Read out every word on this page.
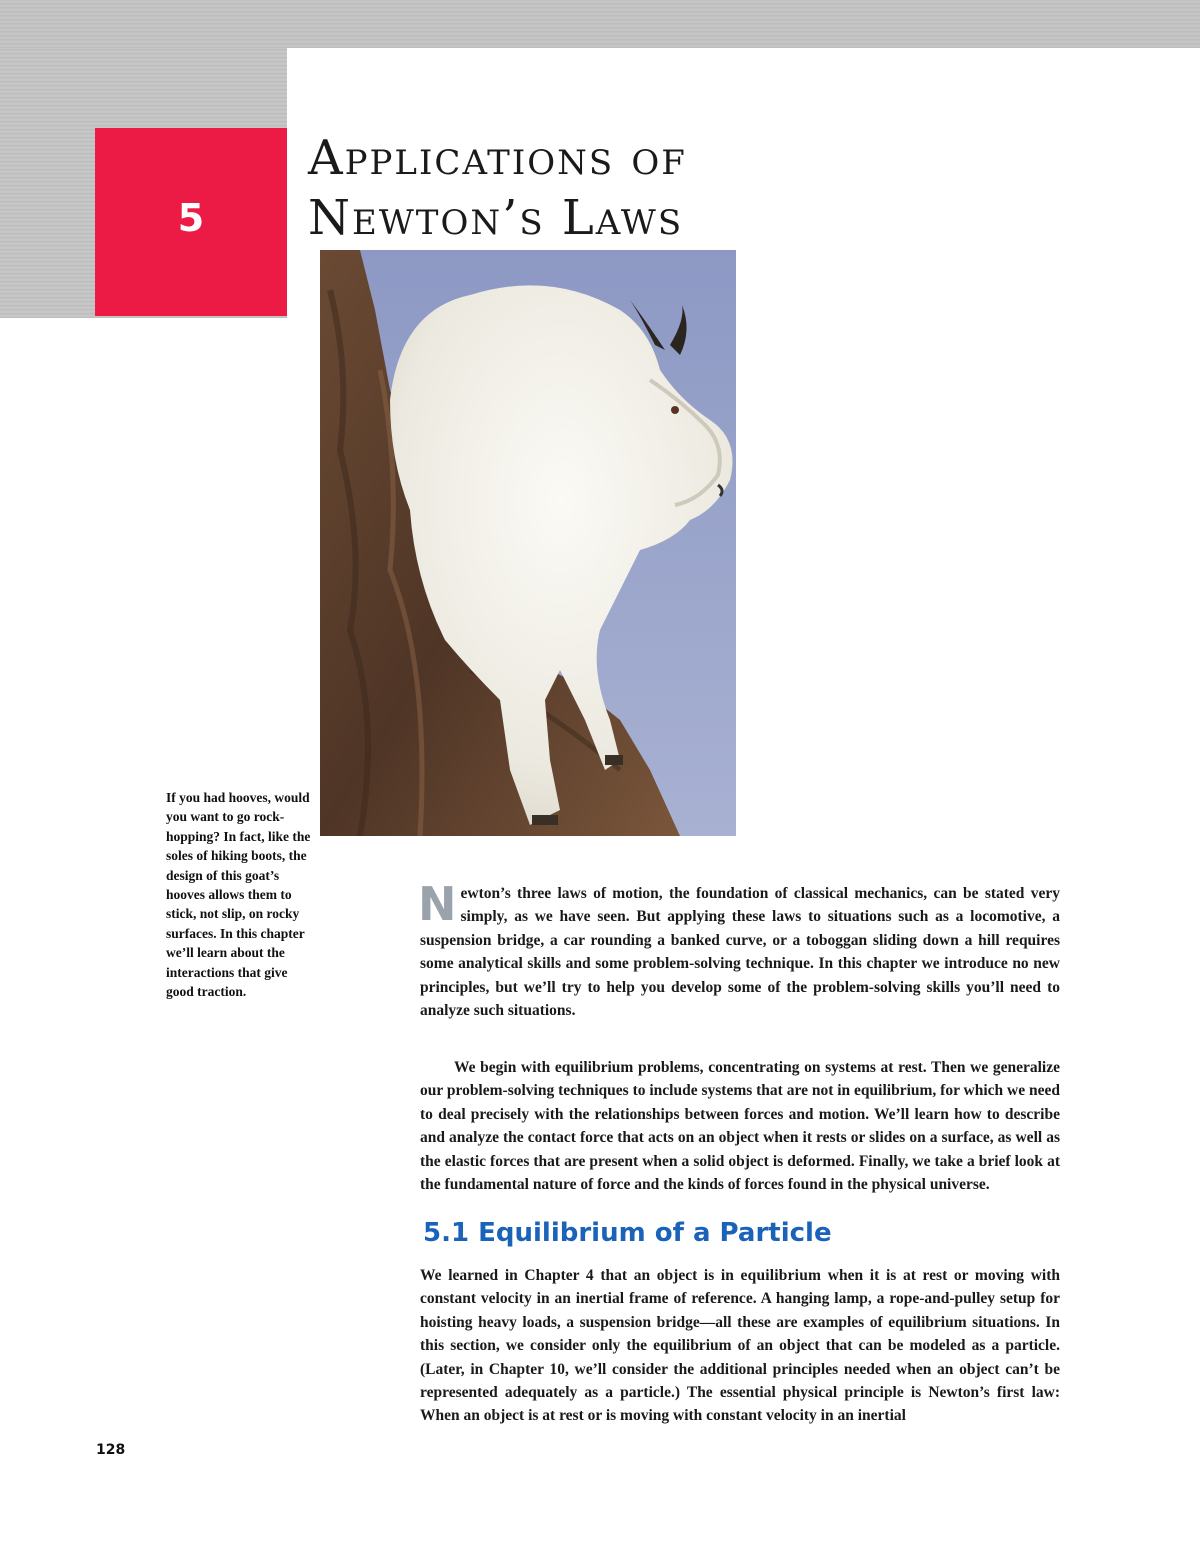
5
Applications of
Newton’s Laws
If you had hooves, would you want to go rock-hopping? In fact, like the soles of hiking boots, the design of this goat’s hooves allows them to stick, not slip, on rocky surfaces. In this chapter we’ll learn about the interactions that give good traction.
Newton’s three laws of motion, the foundation of classical mechanics, can be stated very simply, as we have seen. But applying these laws to situations such as a locomotive, a suspension bridge, a car rounding a banked curve, or a toboggan sliding down a hill requires some analytical skills and some problem-solving technique. In this chapter we introduce no new principles, but we’ll try to help you develop some of the problem-solving skills you’ll need to analyze such situations.
We begin with equilibrium problems, concentrating on systems at rest. Then we generalize our problem-solving techniques to include systems that are not in equilibrium, for which we need to deal precisely with the relationships between forces and motion. We’ll learn how to describe and analyze the contact force that acts on an object when it rests or slides on a surface, as well as the elastic forces that are present when a solid object is deformed. Finally, we take a brief look at the fundamental nature of force and the kinds of forces found in the physical universe.
5.1 Equilibrium of a Particle
We learned in Chapter 4 that an object is in equilibrium when it is at rest or moving with constant velocity in an inertial frame of reference. A hanging lamp, a rope-and-pulley setup for hoisting heavy loads, a suspension bridge—all these are examples of equilibrium situations. In this section, we consider only the equilibrium of an object that can be modeled as a particle. (Later, in Chapter 10, we’ll consider the additional principles needed when an object can’t be represented adequately as a particle.) The essential physical principle is Newton’s first law: When an object is at rest or is moving with constant velocity in an inertial
128
